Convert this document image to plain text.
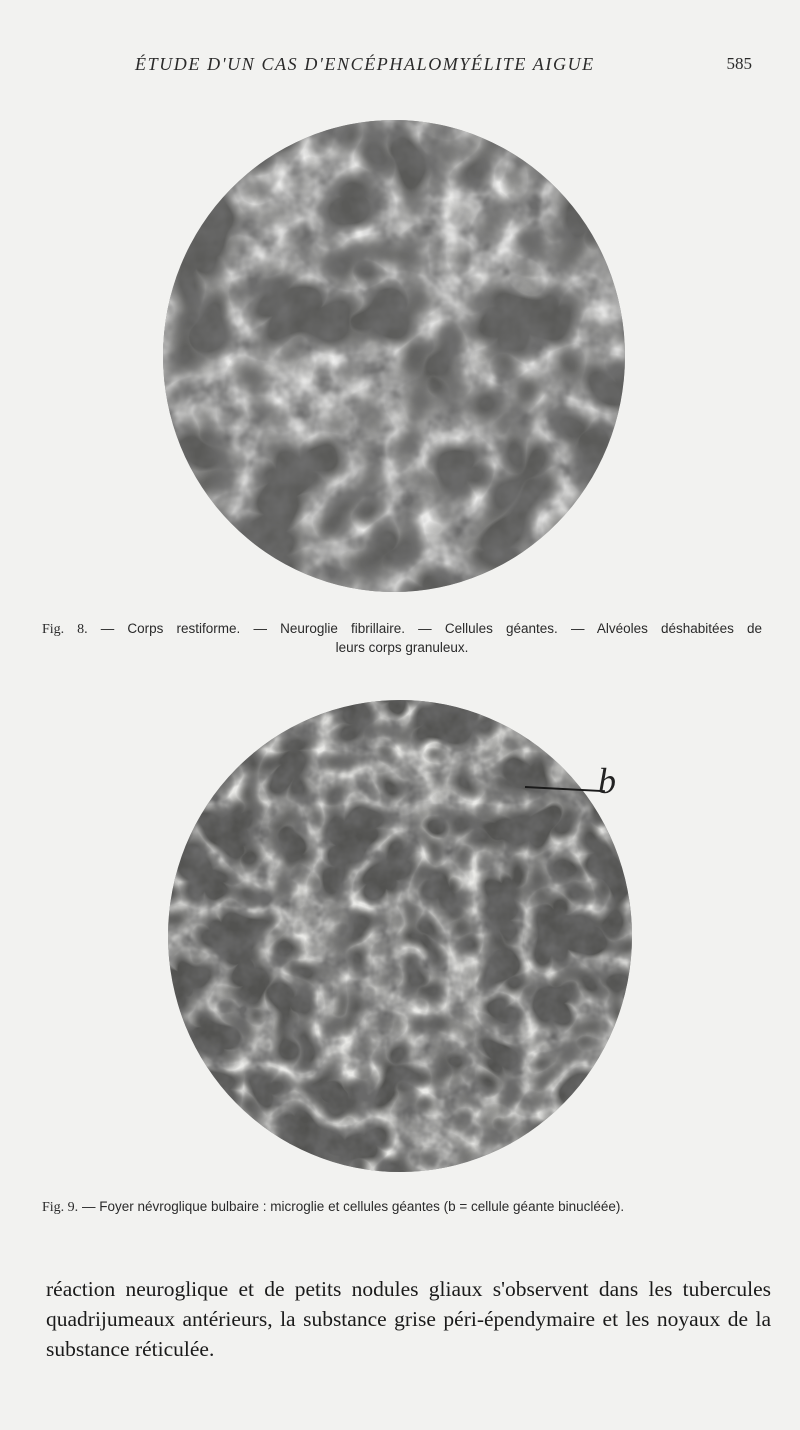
ÉTUDE D'UN CAS D'ENCÉPHALOMYÉLITE AIGUE	585
Fig. 8. — Corps restiforme. — Neuroglie fibrillaire. — Cellules géantes. — Alvéoles déshabitées de
leurs corps granuleux.
b
Fig. 9. — Foyer névroglique bulbaire : microglie et cellules géantes (b = cellule géante binucléée).

réaction neuroglique et de petits nodules gliaux s'observent dans les tubercules quadrijumeaux antérieurs, la substance grise péri-épendymaire et les noyaux de la substance réticulée.
